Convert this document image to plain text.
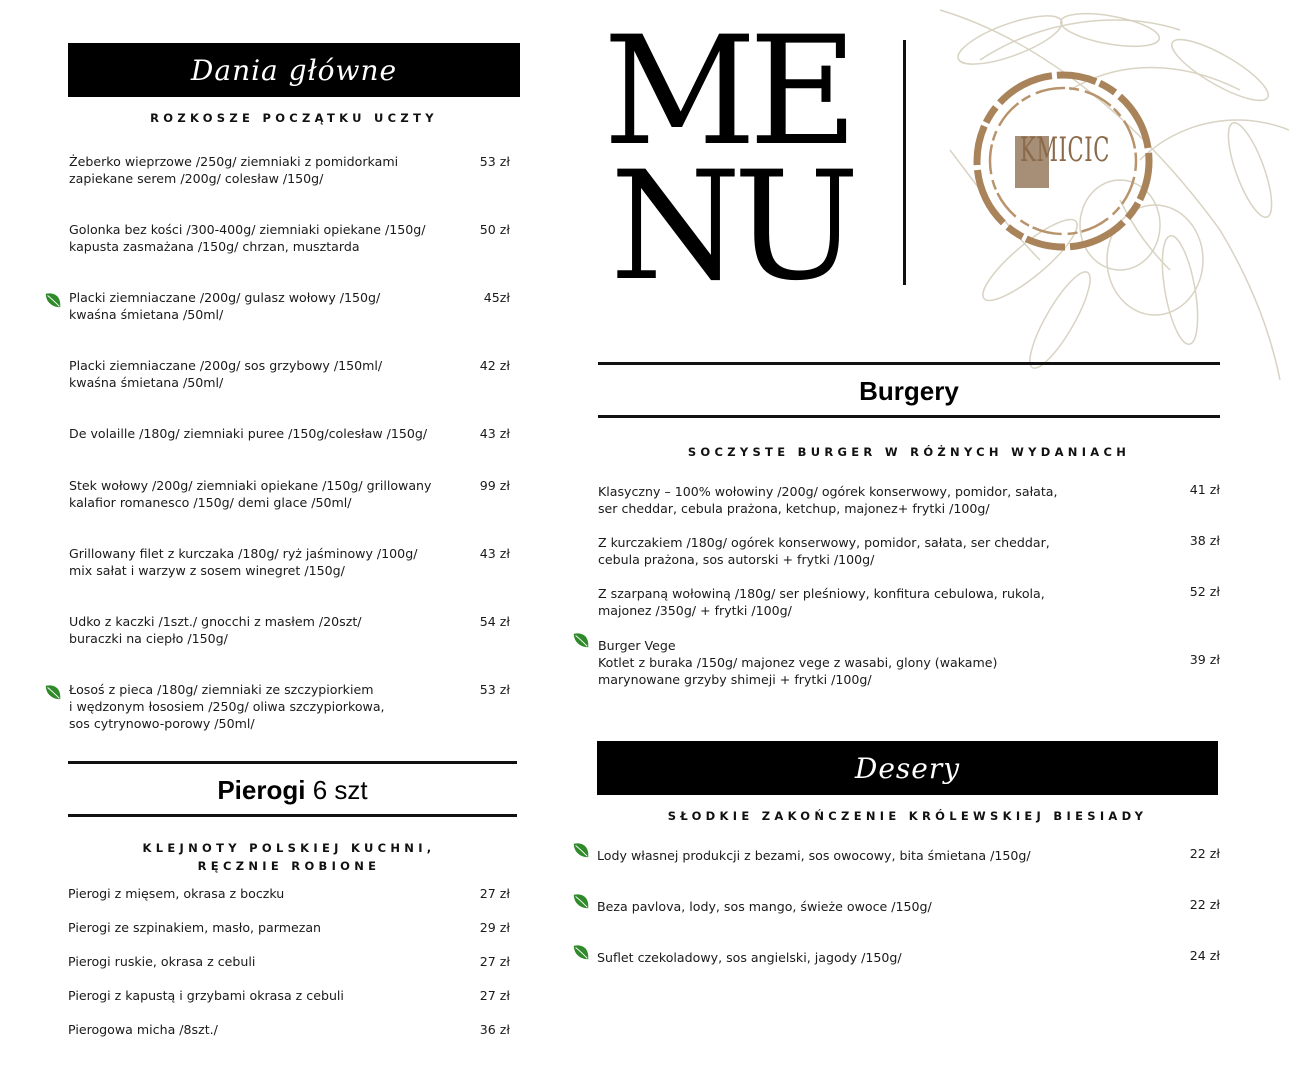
Dania główne
ROZKOSZE POCZĄTKU UCZTY
Żeberko wieprzowe /250g/ ziemniaki z pomidorkami
zapiekane serem /200g/ colesław /150g/
53 zł
Golonka bez kości /300-400g/ ziemniaki opiekane /150g/
kapusta zasmażana /150g/ chrzan, musztarda
50 zł
Placki ziemniaczane /200g/ gulasz wołowy /150g/
kwaśna śmietana /50ml/
45zł
Placki ziemniaczane /200g/ sos grzybowy /150ml/
kwaśna śmietana /50ml/
42 zł
De volaille /180g/ ziemniaki puree /150g/colesław /150g/	43 zł
Stek wołowy /200g/ ziemniaki opiekane /150g/ grillowany
kalafior romanesco /150g/ demi glace /50ml/
99 zł
Grillowany filet z kurczaka /180g/ ryż jaśminowy /100g/
mix sałat i warzyw z sosem winegret /150g/
43 zł
Udko z kaczki /1szt./ gnocchi z masłem /20szt/
buraczki na ciepło /150g/
54 zł
Łosoś z pieca /180g/ ziemniaki ze szczypiorkiem
i wędzonym łososiem /250g/ oliwa szczypiorkowa,
sos cytrynowo-porowy /50ml/
53 zł
Pierogi 6 szt
KLEJNOTY POLSKIEJ KUCHNI,
RĘCZNIE ROBIONE
Pierogi z mięsem, okrasa z boczku	27 zł
Pierogi ze szpinakiem, masło, parmezan	29 zł
Pierogi ruskie, okrasa z cebuli	27 zł
Pierogi z kapustą i grzybami okrasa z cebuli	27 zł
Pierogowa micha /8szt./	36 zł
ME
NU	KMICIC
Burgery
SOCZYSTE BURGER W RÓŻNYCH WYDANIACH
Klasyczny – 100% wołowiny /200g/ ogórek konserwowy, pomidor, sałata,
ser cheddar, cebula prażona, ketchup, majonez+ frytki /100g/
41 zł
Z kurczakiem /180g/ ogórek konserwowy, pomidor, sałata, ser cheddar,
cebula prażona, sos autorski + frytki /100g/
38 zł
Z szarpaną wołowiną /180g/ ser pleśniowy, konfitura cebulowa, rukola,
majonez /350g/ + frytki /100g/
52 zł
Burger Vege
Kotlet z buraka /150g/ majonez vege z wasabi, glony (wakame)
marynowane grzyby shimeji + frytki /100g/
39 zł
Desery
SŁODKIE ZAKOŃCZENIE KRÓLEWSKIEJ BIESIADY
Lody własnej produkcji z bezami, sos owocowy, bita śmietana /150g/	22 zł
Beza pavlova, lody, sos mango, świeże owoce /150g/	22 zł
Suflet czekoladowy, sos angielski, jagody /150g/	24 zł
